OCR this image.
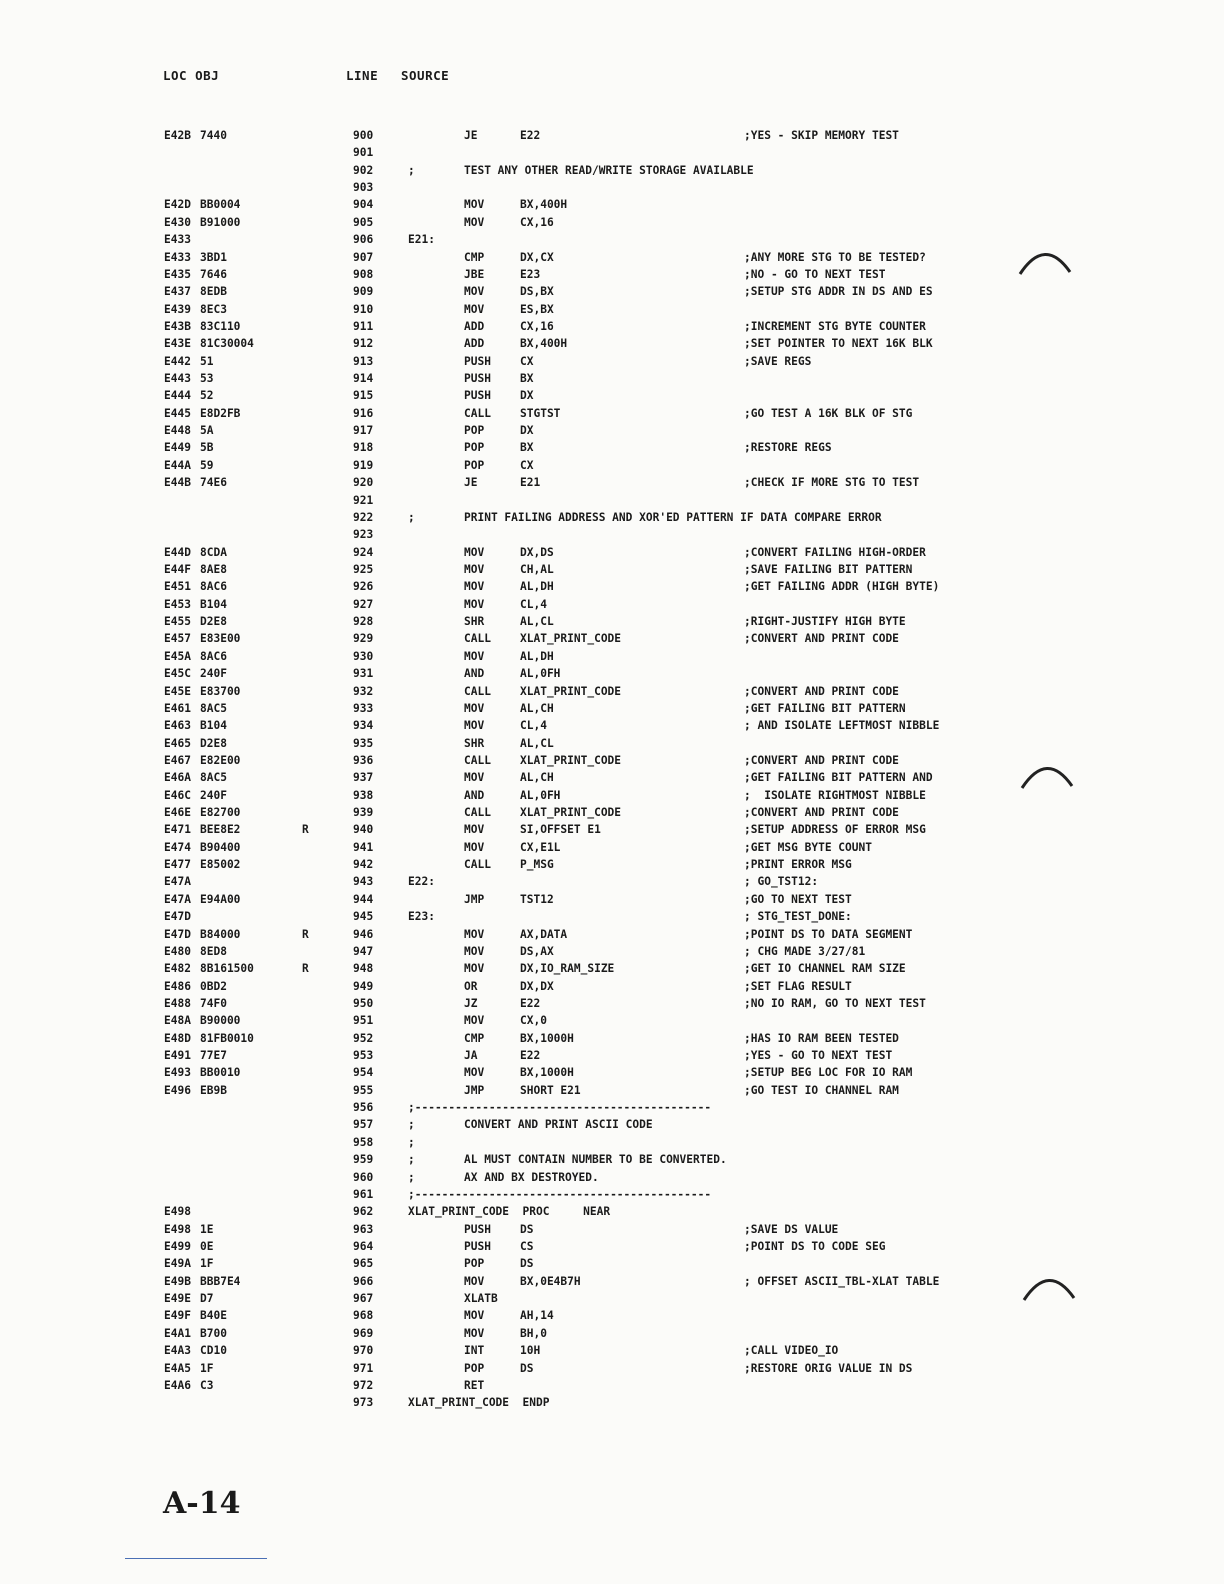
LOC OBJ	LINE SOURCE
E42B 7440	900	JE	E22	;YES - SKIP MEMORY TEST
901
902	;	TEST ANY OTHER READ/WRITE STORAGE AVAILABLE
903
E42D BB0004	904	MOV	BX,400H
E430 B91000	905	MOV	CX,16
E433	906	E21:
E433 3BD1	907	CMP	DX,CX	;ANY MORE STG TO BE TESTED?
E435 7646	908	JBE	E23	;NO - GO TO NEXT TEST
E437 8EDB	909	MOV	DS,BX	;SETUP STG ADDR IN DS AND ES
E439 8EC3	910	MOV	ES,BX
E43B 83C110	911	ADD	CX,16	;INCREMENT STG BYTE COUNTER
E43E 81C30004	912	ADD	BX,400H	;SET POINTER TO NEXT 16K BLK
E442 51	913	PUSH	CX	;SAVE REGS
E443 53	914	PUSH	BX
E444 52	915	PUSH	DX
E445 E8D2FB	916	CALL	STGTST	;GO TEST A 16K BLK OF STG
E448 5A	917	POP	DX
E449 5B	918	POP	BX	;RESTORE REGS
E44A 59	919	POP	CX
E44B 74E6	920	JE	E21	;CHECK IF MORE STG TO TEST
921
922	;	PRINT FAILING ADDRESS AND XOR'ED PATTERN IF DATA COMPARE ERROR
923
E44D 8CDA	924	MOV	DX,DS	;CONVERT FAILING HIGH-ORDER
E44F 8AE8	925	MOV	CH,AL	;SAVE FAILING BIT PATTERN
E451 8AC6	926	MOV	AL,DH	;GET FAILING ADDR (HIGH BYTE)
E453 B104	927	MOV	CL,4
E455 D2E8	928	SHR	AL,CL	;RIGHT-JUSTIFY HIGH BYTE
E457 E83E00	929	CALL	XLAT_PRINT_CODE	;CONVERT AND PRINT CODE
E45A 8AC6	930	MOV	AL,DH
E45C 240F	931	AND	AL,0FH
E45E E83700	932	CALL	XLAT_PRINT_CODE	;CONVERT AND PRINT CODE
E461 8AC5	933	MOV	AL,CH	;GET FAILING BIT PATTERN
E463 B104	934	MOV	CL,4	; AND ISOLATE LEFTMOST NIBBLE
E465 D2E8	935	SHR	AL,CL
E467 E82E00	936	CALL	XLAT_PRINT_CODE	;CONVERT AND PRINT CODE
E46A 8AC5	937	MOV	AL,CH	;GET FAILING BIT PATTERN AND
E46C 240F	938	AND	AL,0FH	;  ISOLATE RIGHTMOST NIBBLE
E46E E82700	939	CALL	XLAT_PRINT_CODE	;CONVERT AND PRINT CODE
E471 BEE8E2	R	940	MOV	SI,OFFSET E1	;SETUP ADDRESS OF ERROR MSG
E474 B90400	941	MOV	CX,E1L	;GET MSG BYTE COUNT
E477 E85002	942	CALL	P_MSG	;PRINT ERROR MSG
E47A	943	E22:	; GO_TST12:
E47A E94A00	944	JMP	TST12	;GO TO NEXT TEST
E47D	945	E23:	; STG_TEST_DONE:
E47D B84000	R	946	MOV	AX,DATA	;POINT DS TO DATA SEGMENT
E480 8ED8	947	MOV	DS,AX	; CHG MADE 3/27/81
E482 8B161500	R	948	MOV	DX,IO_RAM_SIZE	;GET IO CHANNEL RAM SIZE
E486 0BD2	949	OR	DX,DX	;SET FLAG RESULT
E488 74F0	950	JZ	E22	;NO IO RAM, GO TO NEXT TEST
E48A B90000	951	MOV	CX,0
E48D 81FB0010	952	CMP	BX,1000H	;HAS IO RAM BEEN TESTED
E491 77E7	953	JA	E22	;YES - GO TO NEXT TEST
E493 BB0010	954	MOV	BX,1000H	;SETUP BEG LOC FOR IO RAM
E496 EB9B	955	JMP	SHORT E21	;GO TEST IO CHANNEL RAM
956	;--------------------------------------------
957	;	CONVERT AND PRINT ASCII CODE
958	;
959	;	AL MUST CONTAIN NUMBER TO BE CONVERTED.
960	;	AX AND BX DESTROYED.
961	;--------------------------------------------
E498	962	XLAT_PRINT_CODE  PROC     NEAR
E498 1E	963	PUSH	DS	;SAVE DS VALUE
E499 0E	964	PUSH	CS	;POINT DS TO CODE SEG
E49A 1F	965	POP	DS
E49B BBB7E4	966	MOV	BX,0E4B7H	; OFFSET ASCII_TBL-XLAT TABLE
E49E D7	967	XLATB
E49F B40E	968	MOV	AH,14
E4A1 B700	969	MOV	BH,0
E4A3 CD10	970	INT	10H	;CALL VIDEO_IO
E4A5 1F	971	POP	DS	;RESTORE ORIG VALUE IN DS
E4A6 C3	972	RET
973	XLAT_PRINT_CODE  ENDP
A-14
